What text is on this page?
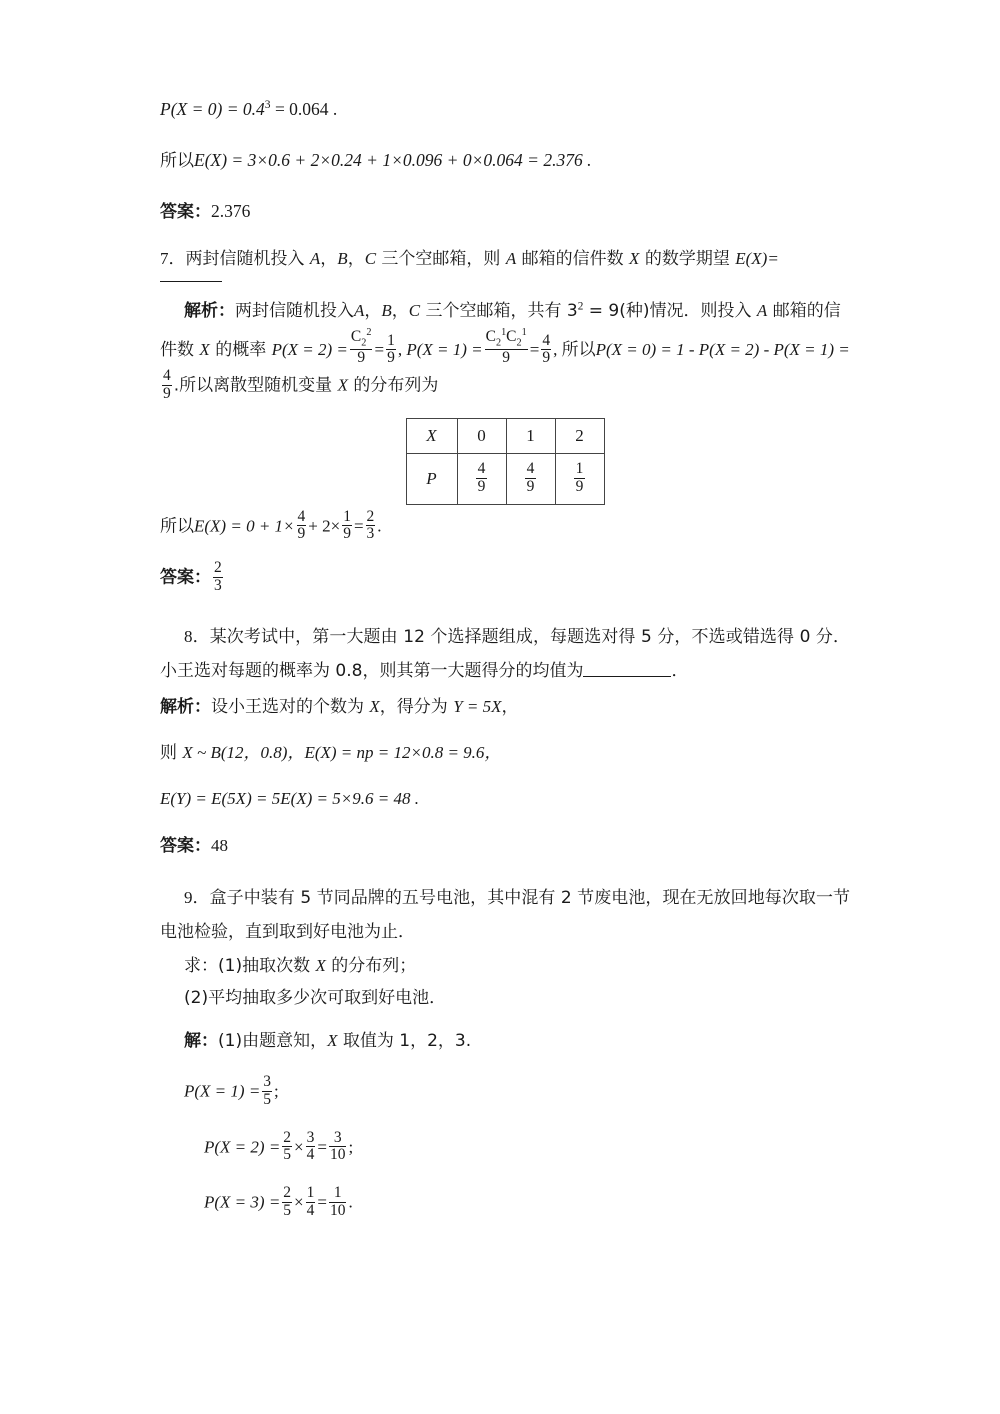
$P(X = 0) = 0.4^3 = 0.064$ .
所以E(X) = 3×0.6 + 2×0.24 + 1×0.096 + 0×0.064 = 2.376 .
答案：2.376
7．两封信随机投入 A，B，C 三个空邮箱，则 A 邮箱的信件数 X 的数学期望 E(X)=
解析：两封信随机投入A，B，C 三个空邮箱，共有 $3^2 = 9$(种)情况．则投入 A 邮箱的信
件数 X 的概率 $P(X = 2) = \frac{C_2^2}{9} = \frac{1}{9}$ , $P(X = 1) = \frac{C_2^1C_2^1}{9} = \frac{4}{9}$ , 所以P(X = 0) = 1 - P(X = 2) - P(X = 1) =
$\frac{4}{9}$ .所以离散型随机变量 X 的分布列为
X	0	1	2
P	$\frac{4}{9}$	$\frac{4}{9}$	$\frac{1}{9}$
所以$E(X) = 0 + 1\times \frac{4}{9} + 2\times \frac{1}{9} = \frac{2}{3}$ .
答案： $\frac{2}{3}$
8．某次考试中，第一大题由 12 个选择题组成，每题选对得 5 分，不选或错选得 0 分．小王选对每题的概率为 0.8，则其第一大题得分的均值为	．
解析：设小王选对的个数为 X，得分为 Y = 5X，
则 X ~ B(12，0.8)，E(X) = np = 12×0.8 = 9.6，
E(Y) = E(5X) = 5E(X) = 5×9.6 = 48 .
答案：48
9．盒子中装有 5 节同品牌的五号电池，其中混有 2 节废电池，现在无放回地每次取一节电池检验，直到取到好电池为止．
求：(1)抽取次数 X 的分布列；
(2)平均抽取多少次可取到好电池．
解：(1)由题意知，X 取值为 1，2，3.
$P(X = 1) = \frac{3}{5}$ ;
$P(X = 2) = \frac{2}{5} \times \frac{3}{4} = \frac{3}{10}$ ;
$P(X = 3) = \frac{2}{5} \times \frac{1}{4} = \frac{1}{10}$ .
